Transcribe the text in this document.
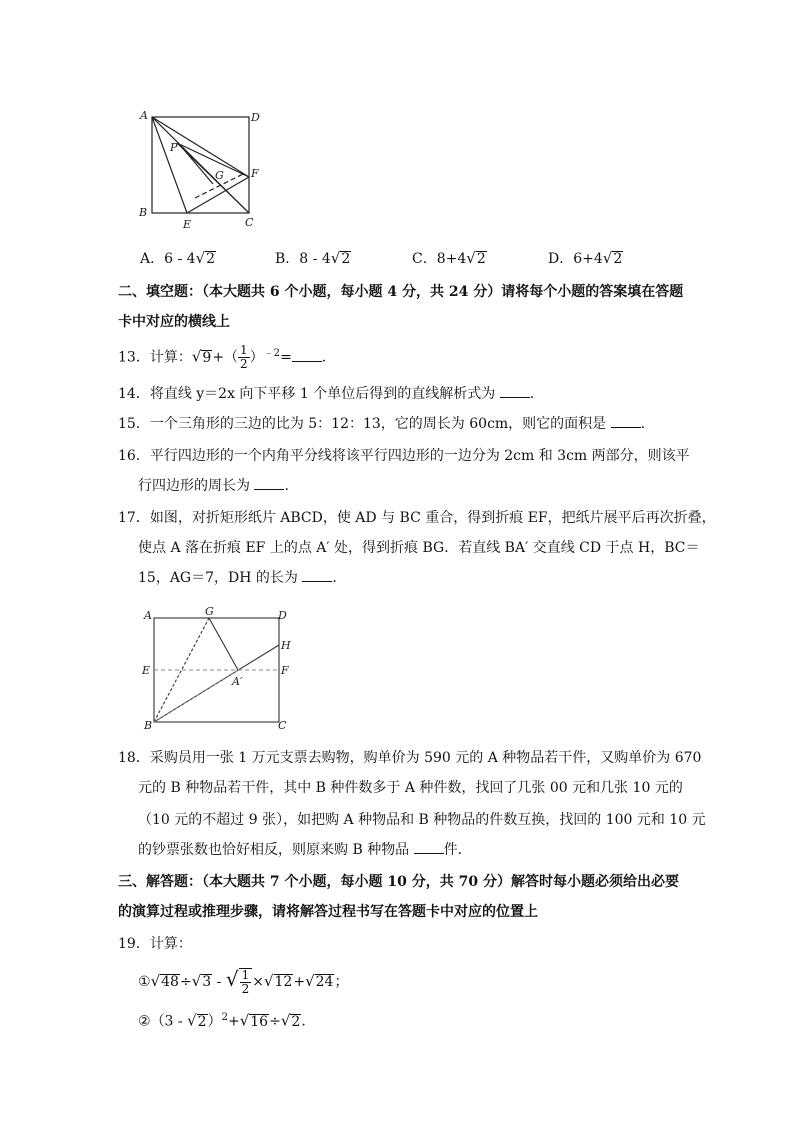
A	D
P
F
G
B
E	C
A．6 - 4√2	B．8 - 4√2	C．8+4√2	D．6+4√2
二、填空题：（本大题共 6 个小题，每小题 4 分，共 24 分）请将每个小题的答案填在答题
卡中对应的横线上
13．计算：$√9+( \frac{1}{2} )^{﹣2}=$ .
14．将直线 y＝2x 向下平移 1 个单位后得到的直线解析式为 .
15．一个三角形的三边的比为 5：12：13，它的周长为 60cm，则它的面积是 .
16．平行四边形的一个内角平分线将该平行四边形的一边分为 2cm 和 3cm 两部分，则该平
行四边形的周长为 .
17．如图，对折矩形纸片 ABCD，使 AD 与 BC 重合，得到折痕 EF，把纸片展平后再次折叠，
使点 A 落在折痕 EF 上的点 A′ 处，得到折痕 BG．若直线 BA′ 交直线 CD 于点 H，BC＝
15，AG＝7，DH 的长为 .
A	G	D
H
E	F
A′
B	C
18．采购员用一张 1 万元支票去购物，购单价为 590 元的 A 种物品若干件，又购单价为 670
元的 B 种物品若干件，其中 B 种件数多于 A 种件数，找回了几张 00 元和几张 10 元的
（10 元的不超过 9 张），如把购 A 种物品和 B 种物品的件数互换，找回的 100 元和 10 元
的钞票张数也恰好相反，则原来购 B 种物品 件．
三、解答题：（本大题共 7 个小题，每小题 10 分，共 70 分）解答时每小题必须给出必要
的演算过程或推理步骤，请将解答过程书写在答题卡中对应的位置上
19．计算：
①√48÷√3 - √ $\frac{1}{2} \times√12+√24$；
②（3 - √2）$^2$+√16÷√2.
